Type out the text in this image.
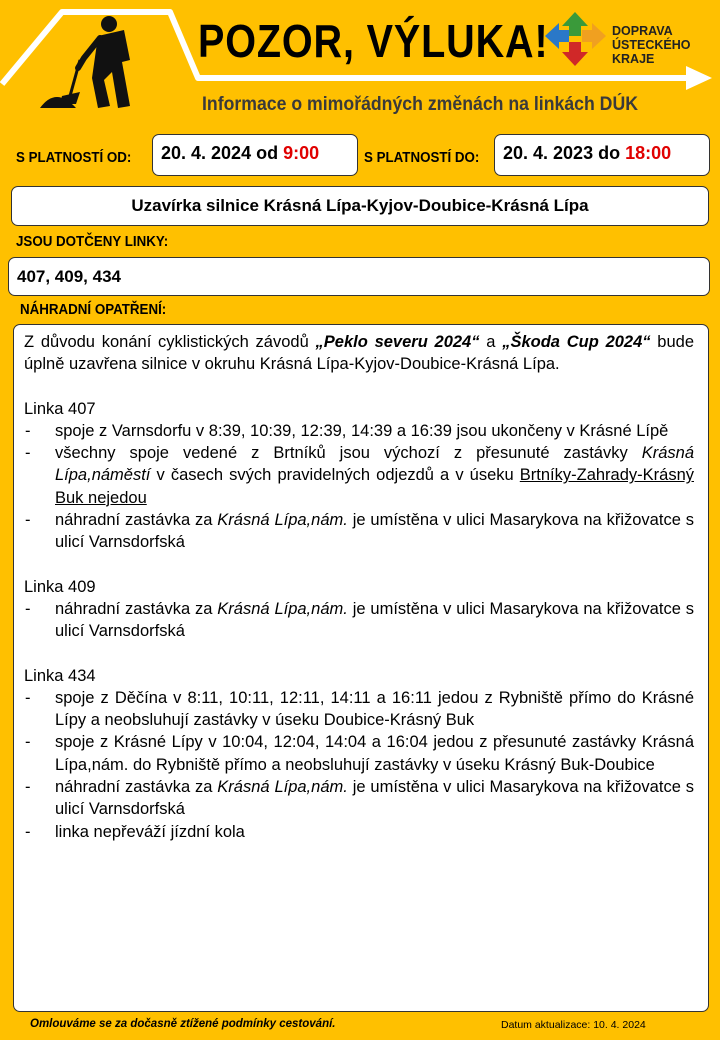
POZOR, VÝLUKA!
Informace o mimořádných změnách na linkách DÚK
DOPRAVA
ÚSTECKÉHO
KRAJE
S PLATNOSTÍ OD:	20. 4. 2024 od 9:00	S PLATNOSTÍ DO:	20. 4. 2023 do 18:00
Uzavírka silnice Krásná Lípa-Kyjov-Doubice-Krásná Lípa
JSOU DOTČENY LINKY:
407, 409, 434
NÁHRADNÍ OPATŘENÍ:

Z důvodu konání cyklistických závodů „Peklo severu 2024“ a „Škoda Cup 2024“ bude úplně uzavřena silnice v okruhu Krásná Lípa-Kyjov-Doubice-Krásná Lípa.

Linka 407

- spoje z Varnsdorfu v 8:39, 10:39, 12:39, 14:39 a 16:39 jsou ukončeny v Krásné Lípě
- všechny spoje vedené z Brtníků jsou výchozí z přesunuté zastávky Krásná Lípa,náměstí v časech svých pravidelných odjezdů a v úseku Brtníky-Zahrady-Krásný Buk nejedou
- náhradní zastávka za Krásná Lípa,nám. je umístěna v ulici Masarykova na křižovatce s ulicí Varnsdorfská

Linka 409

- náhradní zastávka za Krásná Lípa,nám. je umístěna v ulici Masarykova na křižovatce s ulicí Varnsdorfská

Linka 434

- spoje z Děčína v 8:11, 10:11, 12:11, 14:11 a 16:11 jedou z Rybniště přímo do Krásné Lípy a neobsluhují zastávky v úseku Doubice-Krásný Buk
- spoje z Krásné Lípy v 10:04, 12:04, 14:04 a 16:04 jedou z přesunuté zastávky Krásná Lípa,nám. do Rybniště přímo a neobsluhují zastávky v úseku Krásný Buk-Doubice
- náhradní zastávka za Krásná Lípa,nám. je umístěna v ulici Masarykova na křižovatce s ulicí Varnsdorfská
- linka nepřeváží jízdní kola
Omlouváme se za dočasně ztížené podmínky cestování.	Datum aktualizace: 10. 4. 2024
